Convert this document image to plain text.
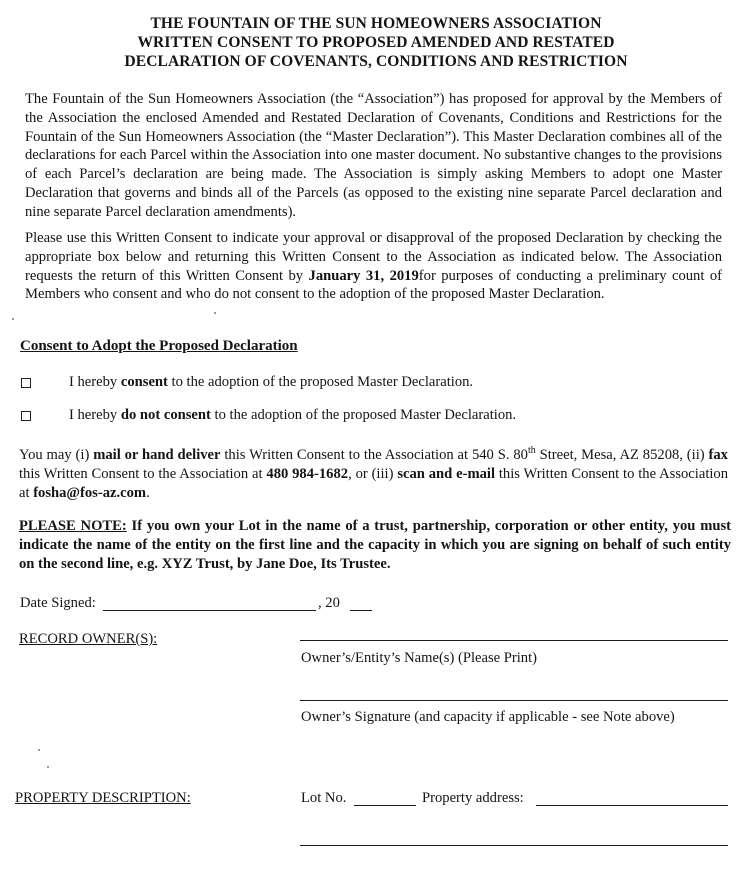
THE FOUNTAIN OF THE SUN HOMEOWNERS ASSOCIATION
WRITTEN CONSENT TO PROPOSED AMENDED AND RESTATED
DECLARATION OF COVENANTS, CONDITIONS AND RESTRICTION
The Fountain of the Sun Homeowners Association (the “Association”) has proposed for approval by the Members of the Association the enclosed Amended and Restated Declaration of Covenants, Conditions and Restrictions for the Fountain of the Sun Homeowners Association (the “Master Declaration”). This Master Declaration combines all of the declarations for each Parcel within the Association into one master document. No substantive changes to the provisions of each Parcel’s declaration are being made. The Association is simply asking Members to adopt one Master Declaration that governs and binds all of the Parcels (as opposed to the existing nine separate Parcel declaration and nine separate Parcel declaration amendments).
Please use this Written Consent to indicate your approval or disapproval of the proposed Declaration by checking the appropriate box below and returning this Written Consent to the Association as indicated below. The Association requests the return of this Written Consent by January 31, 2019for purposes of conducting a preliminary count of Members who consent and who do not consent to the adoption of the proposed Master Declaration.
Consent to Adopt the Proposed Declaration
I hereby consent to the adoption of the proposed Master Declaration.
I hereby do not consent to the adoption of the proposed Master Declaration.
You may (i) mail or hand deliver this Written Consent to the Association at 540 S. 80th Street, Mesa, AZ 85208, (ii) fax this Written Consent to the Association at 480 984-1682, or (iii) scan and e-mail this Written Consent to the Association at fosha@fos-az.com.
PLEASE NOTE: If you own your Lot in the name of a trust, partnership, corporation or other entity, you must indicate the name of the entity on the first line and the capacity in which you are signing on behalf of such entity on the second line, e.g. XYZ Trust, by Jane Doe, Its Trustee.
Date Signed:	, 20
RECORD OWNER(S):
Owner’s/Entity’s Name(s) (Please Print)
Owner’s Signature (and capacity if applicable - see Note above)
PROPERTY DESCRIPTION:	Lot No.	Property address:
